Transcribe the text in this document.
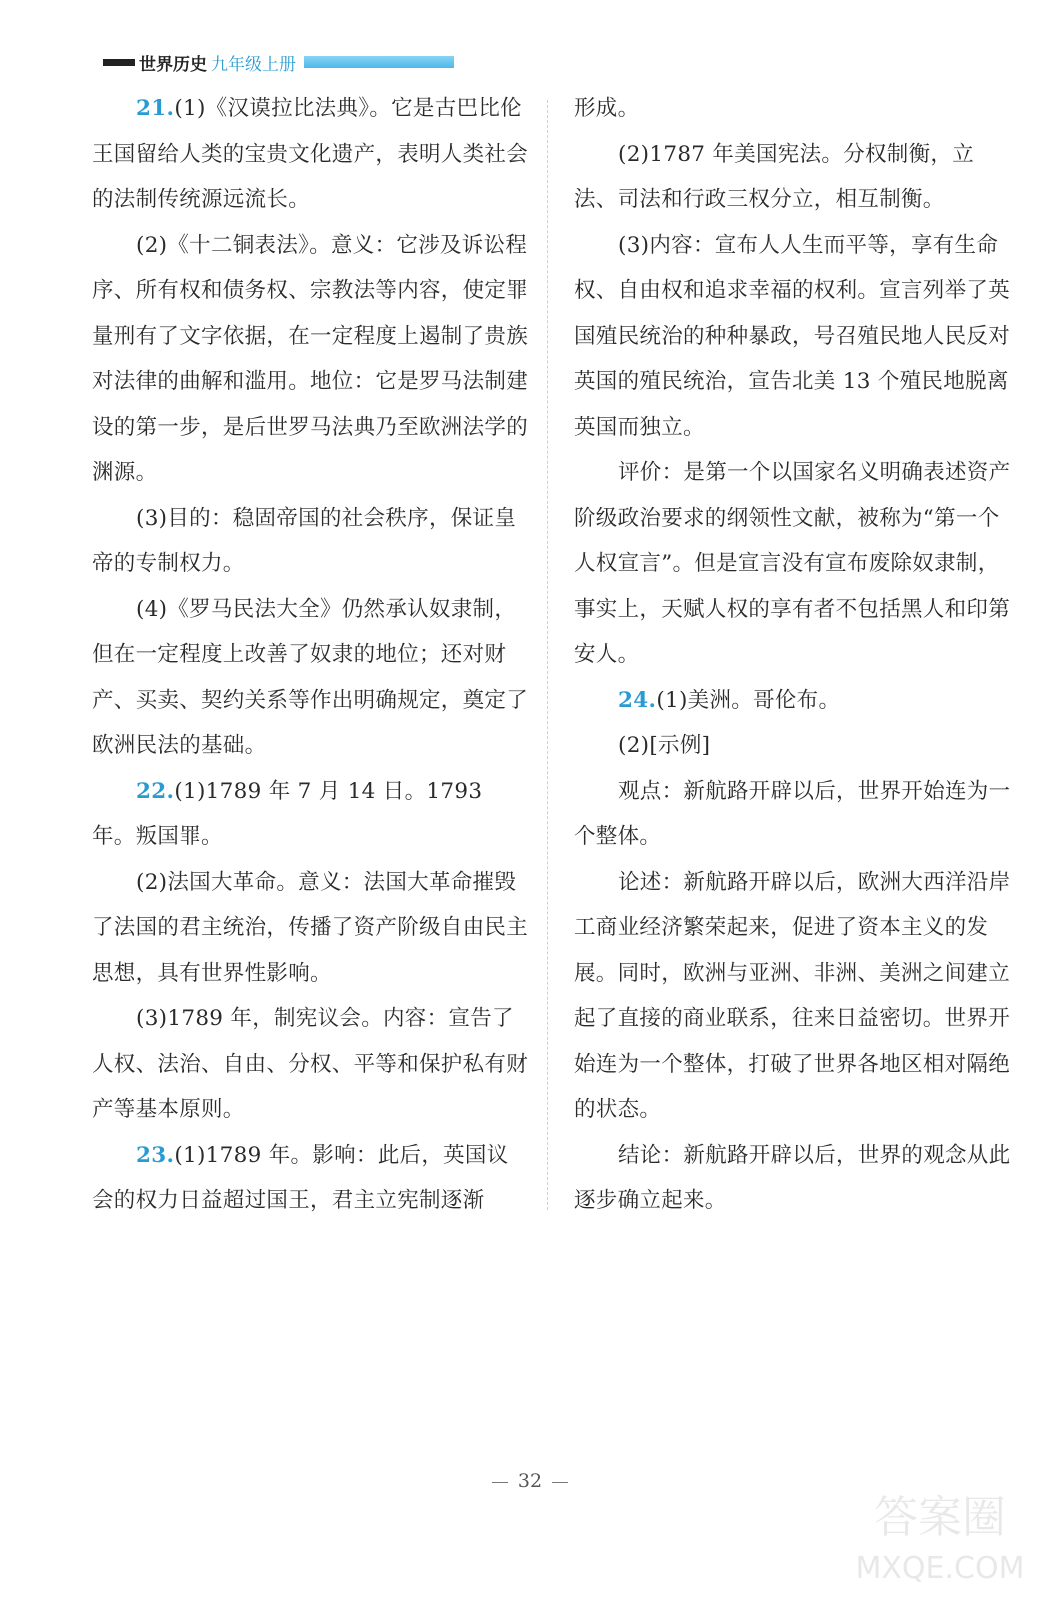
世界历史 九年级上册

21.(1)《汉谟拉比法典》。它是古巴比伦王国留给人类的宝贵文化遗产，表明人类社会的法制传统源远流长。

(2)《十二铜表法》。意义：它涉及诉讼程序、所有权和债务权、宗教法等内容，使定罪量刑有了文字依据，在一定程度上遏制了贵族对法律的曲解和滥用。地位：它是罗马法制建设的第一步，是后世罗马法典乃至欧洲法学的渊源。

(3)目的：稳固帝国的社会秩序，保证皇帝的专制权力。

(4)《罗马民法大全》仍然承认奴隶制，但在一定程度上改善了奴隶的地位；还对财产、买卖、契约关系等作出明确规定，奠定了欧洲民法的基础。

22.(1)1789 年 7 月 14 日。1793 年。叛国罪。

(2)法国大革命。意义：法国大革命摧毁了法国的君主统治，传播了资产阶级自由民主思想，具有世界性影响。

(3)1789 年，制宪议会。内容：宣告了人权、法治、自由、分权、平等和保护私有财产等基本原则。

23.(1)1789 年。影响：此后，英国议会的权力日益超过国王，君主立宪制逐渐

形成。

(2)1787 年美国宪法。分权制衡，立法、司法和行政三权分立，相互制衡。

(3)内容：宣布人人生而平等，享有生命权、自由权和追求幸福的权利。宣言列举了英国殖民统治的种种暴政，号召殖民地人民反对英国的殖民统治，宣告北美 13 个殖民地脱离英国而独立。

评价：是第一个以国家名义明确表述资产阶级政治要求的纲领性文献，被称为“第一个人权宣言”。但是宣言没有宣布废除奴隶制，事实上，天赋人权的享有者不包括黑人和印第安人。

24.(1)美洲。哥伦布。

(2)[示例]

观点：新航路开辟以后，世界开始连为一个整体。

论述：新航路开辟以后，欧洲大西洋沿岸工商业经济繁荣起来，促进了资本主义的发展。同时，欧洲与亚洲、非洲、美洲之间建立起了直接的商业联系，往来日益密切。世界开始连为一个整体，打破了世界各地区相对隔绝的状态。

结论：新航路开辟以后，世界的观念从此逐步确立起来。

32
答案圈
MXQE.COM
